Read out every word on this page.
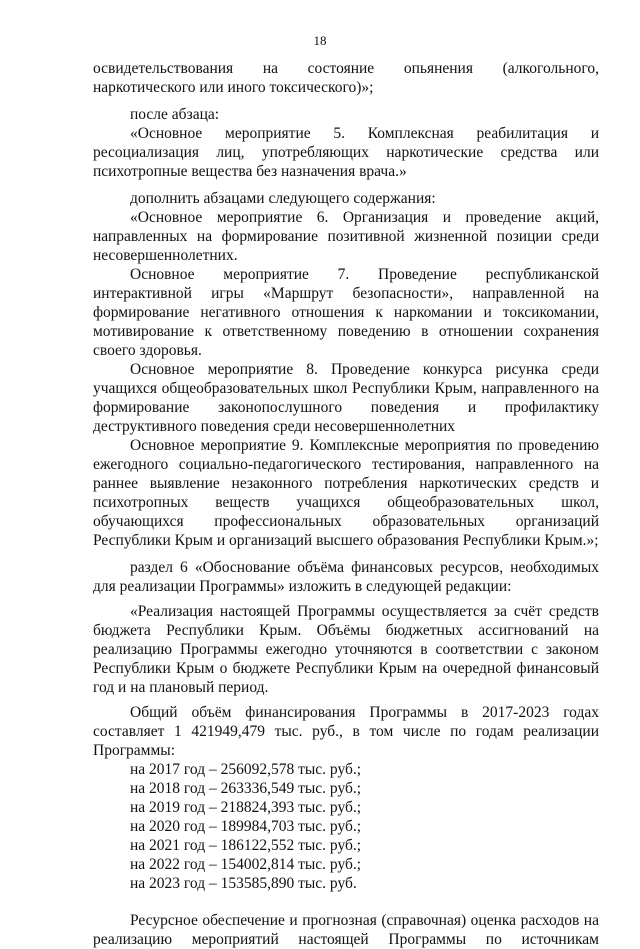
18

освидетельствования на состояние опьянения (алкогольного, наркотического или иного токсического)»;

после абзаца:

«Основное мероприятие 5. Комплексная реабилитация и ресоциализация лиц, употребляющих наркотические средства или психотропные вещества без назначения врача.»

дополнить абзацами следующего содержания:

«Основное мероприятие 6. Организация и проведение акций, направленных на формирование позитивной жизненной позиции среди несовершеннолетних.

Основное мероприятие 7. Проведение республиканской интерактивной игры «Маршрут безопасности», направленной на формирование негативного отношения к наркомании и токсикомании, мотивирование к ответственному поведению в отношении сохранения своего здоровья.

Основное мероприятие 8. Проведение конкурса рисунка среди учащихся общеобразовательных школ Республики Крым, направленного на формирование законопослушного поведения и профилактику деструктивного поведения среди несовершеннолетних

Основное мероприятие 9. Комплексные мероприятия по проведению ежегодного социально-педагогического тестирования, направленного на раннее выявление незаконного потребления наркотических средств и психотропных веществ учащихся общеобразовательных школ, обучающихся профессиональных образовательных организаций Республики Крым и организаций высшего образования Республики Крым.»;

раздел 6 «Обоснование объёма финансовых ресурсов, необходимых для реализации Программы» изложить в следующей редакции:

«Реализация настоящей Программы осуществляется за счёт средств бюджета Республики Крым. Объёмы бюджетных ассигнований на реализацию Программы ежегодно уточняются в соответствии с законом Республики Крым о бюджете Республики Крым на очередной финансовый год и на плановый период.

Общий объём финансирования Программы в 2017-2023 годах составляет 1 421949,479 тыс. руб., в том числе по годам реализации Программы:

на 2017 год – 256092,578 тыс. руб.;
на 2018 год – 263336,549 тыс. руб.;
на 2019 год – 218824,393 тыс. руб.;
на 2020 год – 189984,703 тыс. руб.;
на 2021 год – 186122,552 тыс. руб.;
на 2022 год – 154002,814 тыс. руб.;
на 2023 год – 153585,890 тыс. руб.

Ресурсное обеспечение и прогнозная (справочная) оценка расходов на реализацию мероприятий настоящей Программы по источникам
